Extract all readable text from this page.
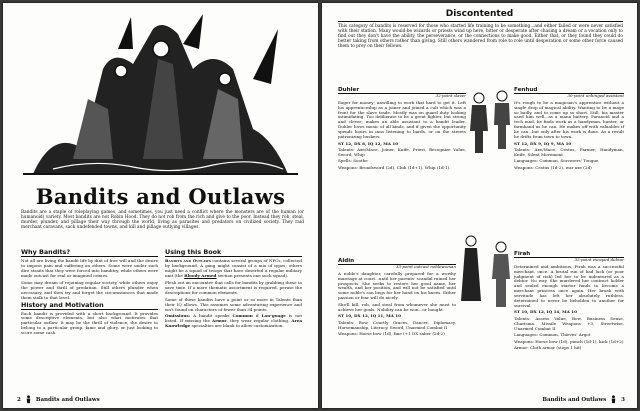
Bandits and Outlaws
Bandits are a staple of roleplaying games, and sometimes, you just need a conflict where the monsters are of the human (or humanoid) variety. Most bandits are not Robin Hood. They do not rob from the rich and give to the poor. Instead they rob, steal, murder, plunder, and pillage their way through the world, living as parasites and predators on civilized society. They raid merchant caravans, sack undefended towns, and kill and pillage outlying villages.
Why Bandits?

Not all are living the bandit life by dint of free will and the desire to impose pain and suffering on others. Some were under such dire straits that they were forced into banditry, while others were made outcast for real or imagined crimes.

Some may dream of rejoining regular society, while others enjoy the power and thrill of predation. Still others plunder when necessary, and then try and forget the circumstances that made them stalk to that level.

History and Motivation

Each bandit is provided with a short background. It provides some descriptive elements, but also what motivates that particular outlaw. It may be the thrill of violence, the desire to belong to a particular group, fame and glory, or just looking to score some cash.

Using this Book

Bandits and Outlaws contains several groups of NPCs, collected by background. A gang might consist of a mix of types; others might be a squad of troops that have deserted a regular military unit (the Bloody Armed section presents one such squad).

Flesh out an encounter that calls for bandits by grabbing these to save time. If a more thematic assortment is required, peruse the descriptions for common elements.

Some of these bandits have a point or so more in Talents than their IQ allows. This assumes some adventuring experience and isn't found on characters of fewer than 34 points.

Omissions: A bandit speaks Common if Lan-guage is not listed. If missing the Armor, they wear regular clothing. Area Knowledge specialties are blank to allow customization.

2	Bandits and Outlaws
Discontented
This category of bandits is reserved for those who started life training to be something...and either failed or were never satisfied with their station. Many would-be wizards or priests wind up here, bitter or desperate after chasing a dream or a vocation only to find out they don't have the ability, the perseverance, or the connections to make good. Either that, or they found they could do better taking from others rather than giving. Still others wandered from role to role until desperation or some other force caused them to prey on their fellows.
Duhler
32-point slaver

Eager for money; unwilling to work that hard to get it. Left his apprenticeship as a joiner and joined a cult which was a front for the slave trade. Mostly was on guard duty looking intimidating. Too deliberate to be a great fighter, but strong and clever; makes an able assistant to a bandit leader. Duhler loves music of all kinds, and if given the opportunity spends hours in inns listening to bards, or on the streets patronizing buskers.

ST 12, DX 8, IQ 12, MA 10

Talents: Axe/Mace, Joiner, Knife, Priest, Recognize Value, Sword, Whip

Spells: Soothe

Weapons: Broadsword (2d), Club (1d+1), Whip (1d-1).

Fenhud
30-point unhinged assistant

It's rough to be a magician's apprentice without a single drop of magical ability. Wanting to be a mage so badly, and to come up so short. Still, his master used him well...as a mana battery. Paranoid and a tech mad, he finds work as a handyman, hunter, or farmhand as he can. He makes off with valuables if he can...but only after his work is done. As a result he drifts from town to town.

ST 12, DX 9, IQ 9, MA 10

Talents: Axe/Mace, Cestus, Farmer, Handyman, Knife, Silent Movement

Languages: Common, Sorcerers' Tongue

Weapons: Cestus (1d-2), war axe (2d)

Aldin
33-point outcast noblewoman

A noble's daughter, carefully prepared for a worthy marriage at court...until her parents' scandal ruined her prospects. She seeks to restore her good name, her wealth, and her position, and will not be satisfied until some noble's son begs for her hand on his knees. Either passion or fear will do nicely.

She'll kill, rob, and steal from whomever she must to achieve her goals. Nobility can be won...or bought.

ST 10, DX 12, IQ 11, MA 10

Talents: Bow, Courtly Graces, Dancer, Diplomacy, Horsemanship, Literacy, Sword, Unarmed Combat II

Weapons: Horse bow (1d), fine (+1 DX saber (2d-2)

Firah
35-point escaped debtor

Determined and ambitious, Firah was a successful merchant, once. A brutal run of bad luck (or poor judgment of risk) led her to be indentured as a debtor. No way. She murdered her contract holder and sealed enough starter funds to become a merchant princess once again. Her brush with servitude has left her absolutely ruthless, determined to never be beholden to another for survival.

ST 10, DX 12, IQ 14, MA 10

Talents: Assess Value, Bow, Business Sense, Charisma, Missile Weapons +3, Streetwise, Unarmed Combat II

Languages: Common, Thieves' Argot

Weapons: Horse bow (1d), punch (1d-1), kick (1d+2)

Armor: Cloth armor (stops 1 hit)

Bandits and Outlaws	3
